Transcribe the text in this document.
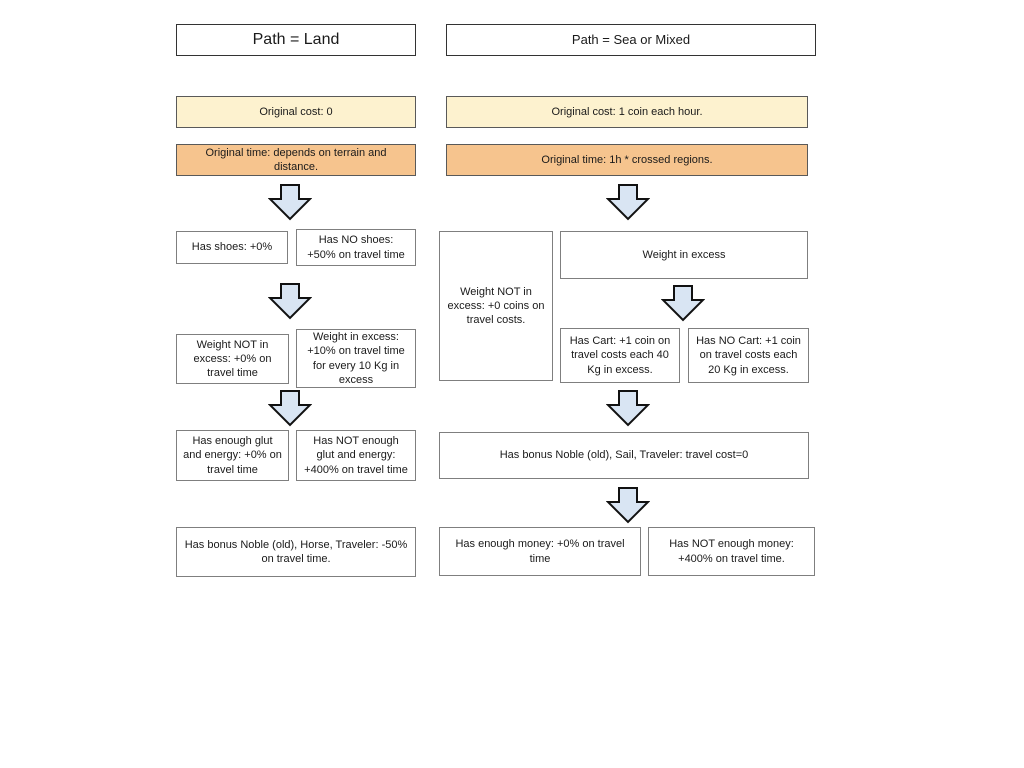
Path = Land
Original cost: 0
Original time: depends on terrain and distance.
Has shoes: +0%
Has NO shoes: +50% on travel time
Weight NOT in excess: +0% on travel time
Weight in excess: +10% on travel time for every 10 Kg in excess
Has enough glut and energy: +0% on travel time
Has NOT enough glut and energy: +400% on travel time
Has bonus Noble (old), Horse, Traveler: -50% on travel time.
Path = Sea or Mixed
Original cost: 1 coin each hour.
Original time: 1h * crossed regions.
Weight NOT in excess: +0 coins on travel costs.
Weight in excess
Has Cart: +1 coin on travel costs each 40 Kg in excess.
Has NO Cart: +1 coin on travel costs each 20 Kg in excess.
Has bonus Noble (old), Sail, Traveler: travel cost=0
Has enough money: +0% on travel time
Has NOT enough money: +400% on travel time.
